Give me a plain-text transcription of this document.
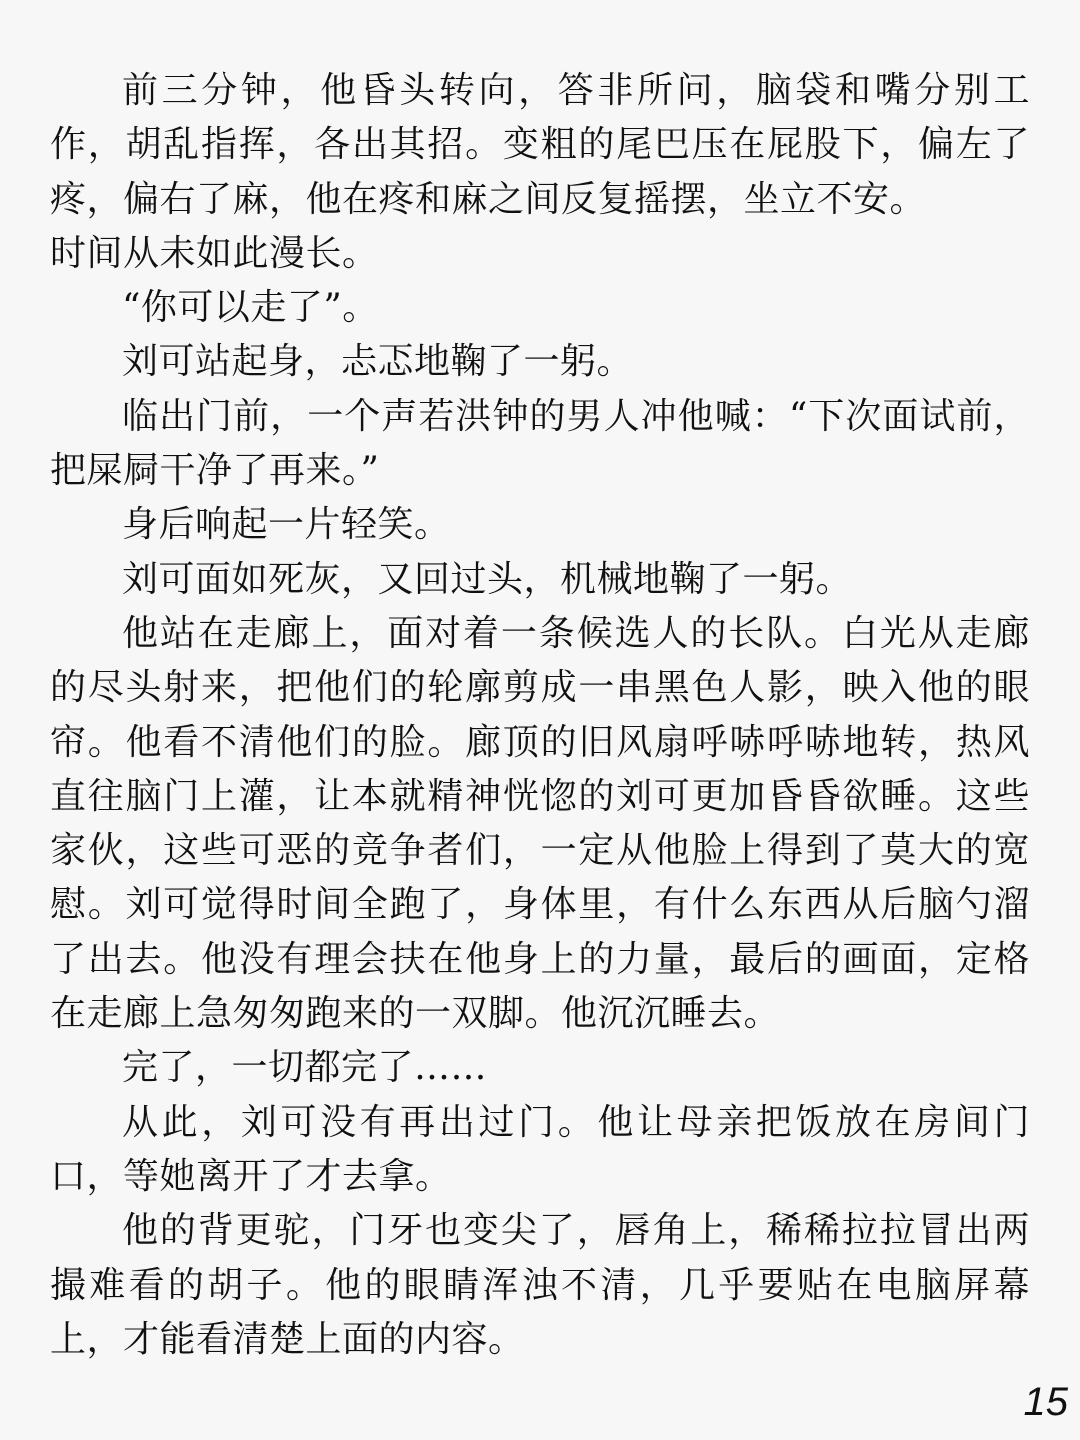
前三分钟，他昏头转向，答非所问，脑袋和嘴分别工作，胡乱指挥，各出其招。变粗的尾巴压在屁股下，偏左了疼，偏右了麻，他在疼和麻之间反复摇摆，坐立不安。

时间从未如此漫长。

“你可以走了”。

刘可站起身，忐忑地鞠了一躬。

临出门前，一个声若洪钟的男人冲他喊：“下次面试前，把屎屙干净了再来。”

身后响起一片轻笑。

刘可面如死灰，又回过头，机械地鞠了一躬。

他站在走廊上，面对着一条候选人的长队。白光从走廊的尽头射来，把他们的轮廓剪成一串黑色人影，映入他的眼帘。他看不清他们的脸。廊顶的旧风扇呼哧呼哧地转，热风直往脑门上灌，让本就精神恍惚的刘可更加昏昏欲睡。这些家伙，这些可恶的竞争者们，一定从他脸上得到了莫大的宽慰。刘可觉得时间全跑了，身体里，有什么东西从后脑勺溜了出去。他没有理会扶在他身上的力量，最后的画面，定格在走廊上急匆匆跑来的一双脚。他沉沉睡去。

完了，一切都完了……

从此，刘可没有再出过门。他让母亲把饭放在房间门口，等她离开了才去拿。

他的背更驼，门牙也变尖了，唇角上，稀稀拉拉冒出两撮难看的胡子。他的眼睛浑浊不清，几乎要贴在电脑屏幕上，才能看清楚上面的内容。

15
